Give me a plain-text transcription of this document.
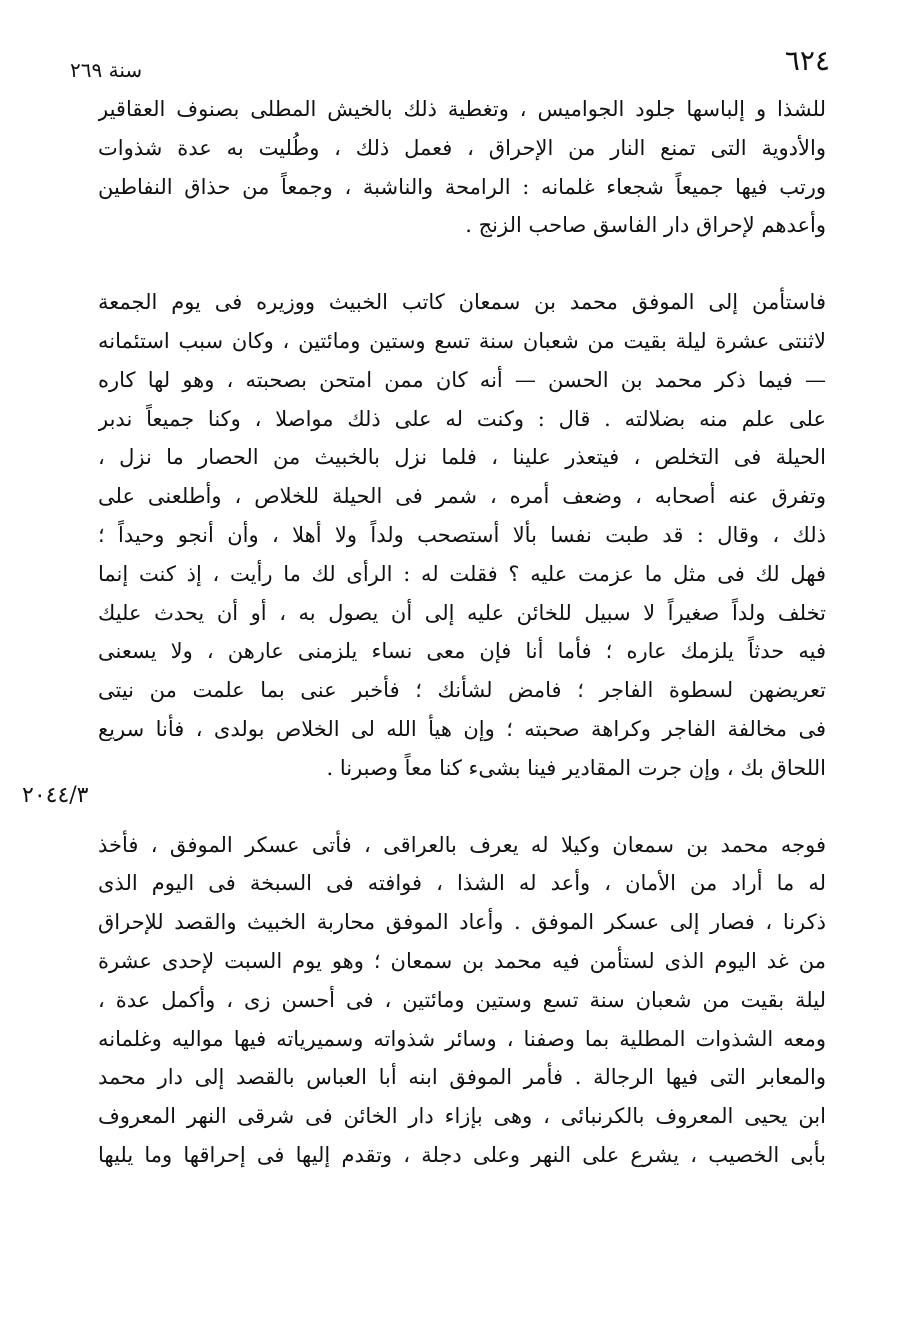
٦٢٤
سنة ٢٦٩
٢٠٤٤/٣
للشذا و إلباسها جلود الجواميس ، وتغطية ذلك بالخيش المطلى بصنوف العقاقير
والأدوية التى تمنع النار من الإحراق ، فعمل ذلك ، وطُليت به عدة شذوات
ورتب فيها جميعاً شجعاء غلمانه : الرامحة والناشبة ، وجمعاً من حذاق النفاطين
وأعدهم لإحراق دار الفاسق صاحب الزنج .
فاستأمن إلى الموفق محمد بن سمعان كاتب الخبيث ووزيره فى يوم الجمعة
لاثنتى عشرة ليلة بقيت من شعبان سنة تسع وستين ومائتين ، وكان سبب استئمانه
— فيما ذكر محمد بن الحسن — أنه كان ممن امتحن بصحبته ، وهو لها كاره
على علم منه بضلالته . قال : وكنت له على ذلك مواصلا ، وكنا جميعاً ندبر
الحيلة فى التخلص ، فيتعذر علينا ، فلما نزل بالخبيث من الحصار ما نزل ،
وتفرق عنه أصحابه ، وضعف أمره ، شمر فى الحيلة للخلاص ، وأطلعنى على
ذلك ، وقال : قد طبت نفسا بألا أستصحب ولداً ولا أهلا ، وأن أنجو وحيداً ؛
فهل لك فى مثل ما عزمت عليه ؟ فقلت له : الرأى لك ما رأيت ، إذ كنت إنما
تخلف ولداً صغيراً لا سبيل للخائن عليه إلى أن يصول به ، أو أن يحدث عليك
فيه حدثاً يلزمك عاره ؛ فأما أنا فإن معى نساء يلزمنى عارهن ، ولا يسعنى
تعريضهن لسطوة الفاجر ؛ فامض لشأنك ؛ فأخبر عنى بما علمت من نيتى
فى مخالفة الفاجر وكراهة صحبته ؛ وإن هيأ الله لى الخلاص بولدى ، فأنا سريع
اللحاق بك ، وإن جرت المقادير فينا بشىء كنا معاً وصبرنا .
فوجه محمد بن سمعان وكيلا له يعرف بالعراقى ، فأتى عسكر الموفق ، فأخذ
له ما أراد من الأمان ، وأعد له الشذا ، فوافته فى السبخة فى اليوم الذى
ذكرنا ، فصار إلى عسكر الموفق . وأعاد الموفق محاربة الخبيث والقصد للإحراق
من غد اليوم الذى لستأمن فيه محمد بن سمعان ؛ وهو يوم السبت لإحدى عشرة
ليلة بقيت من شعبان سنة تسع وستين ومائتين ، فى أحسن زى ، وأكمل عدة ،
ومعه الشذوات المطلية بما وصفنا ، وسائر شذواته وسميرياته فيها مواليه وغلمانه
والمعابر التى فيها الرجالة . فأمر الموفق ابنه أبا العباس بالقصد إلى دار محمد
ابن يحيى المعروف بالكرنبائى ، وهى بإزاء دار الخائن فى شرقى النهر المعروف
بأبى الخصيب ، يشرع على النهر وعلى دجلة ، وتقدم إليها فى إحراقها وما يليها
